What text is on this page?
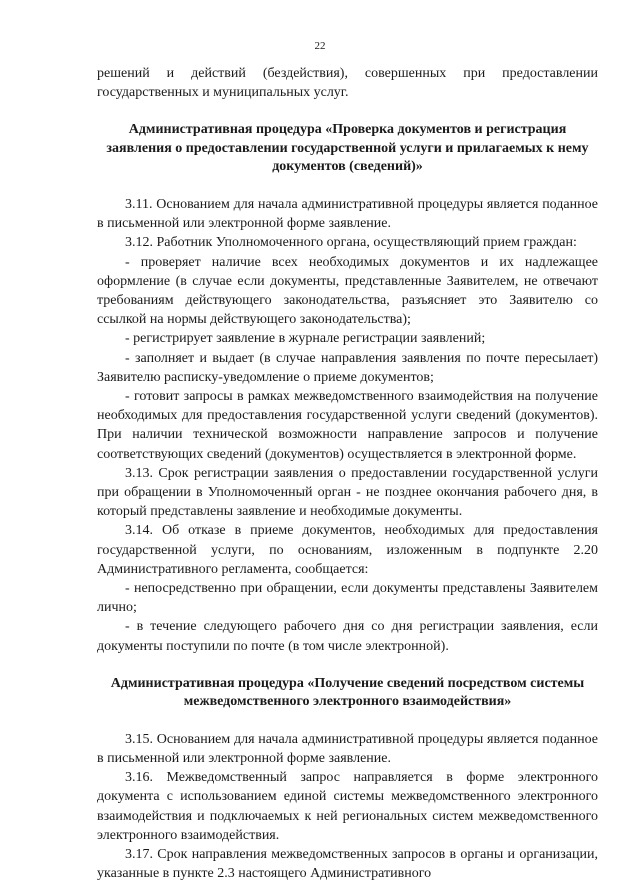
22

решений и действий (бездействия), совершенных при предоставлении государственных и муниципальных услуг.

Административная процедура «Проверка документов и регистрация заявления о предоставлении государственной услуги и прилагаемых к нему документов (сведений)»

3.11. Основанием для начала административной процедуры является поданное в письменной или электронной форме заявление.

3.12. Работник Уполномоченного органа, осуществляющий прием граждан:

- проверяет наличие всех необходимых документов и их надлежащее оформление (в случае если документы, представленные Заявителем, не отвечают требованиям действующего законодательства, разъясняет это Заявителю со ссылкой на нормы действующего законодательства);

- регистрирует заявление в журнале регистрации заявлений;

- заполняет и выдает (в случае направления заявления по почте пересылает) Заявителю расписку-уведомление о приеме документов;

- готовит запросы в рамках межведомственного взаимодействия на получение необходимых для предоставления государственной услуги сведений (документов). При наличии технической возможности направление запросов и получение соответствующих сведений (документов) осуществляется в электронной форме.

3.13. Срок регистрации заявления о предоставлении государственной услуги при обращении в Уполномоченный орган - не позднее окончания рабочего дня, в который представлены заявление и необходимые документы.

3.14. Об отказе в приеме документов, необходимых для предоставления государственной услуги, по основаниям, изложенным в подпункте 2.20 Административного регламента, сообщается:

- непосредственно при обращении, если документы представлены Заявителем лично;

- в течение следующего рабочего дня со дня регистрации заявления, если документы поступили по почте (в том числе электронной).

Административная процедура «Получение сведений посредством системы межведомственного электронного взаимодействия»

3.15. Основанием для начала административной процедуры является поданное в письменной или электронной форме заявление.

3.16. Межведомственный запрос направляется в форме электронного документа с использованием единой системы межведомственного электронного взаимодействия и подключаемых к ней региональных систем межведомственного электронного взаимодействия.

3.17. Срок направления межведомственных запросов в органы и организации, указанные в пункте 2.3 настоящего Административного
